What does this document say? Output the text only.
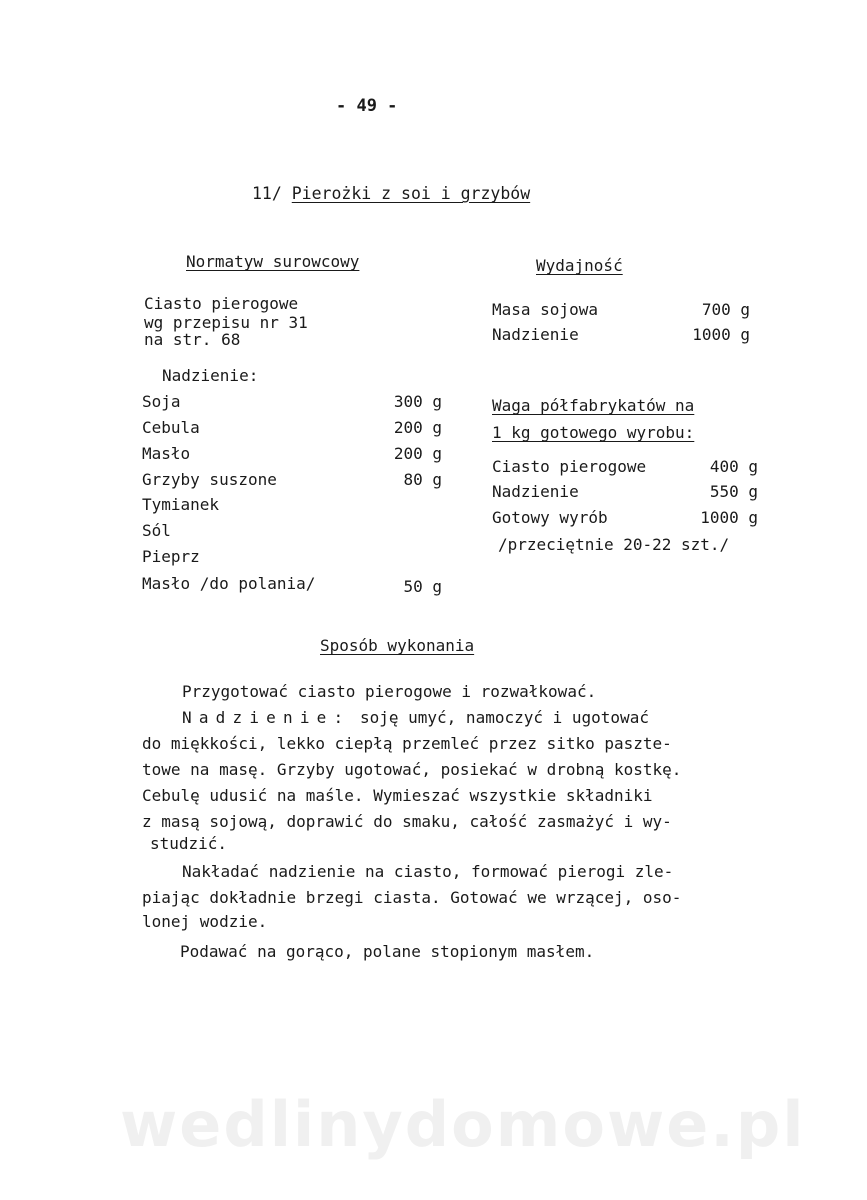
- 49 -
11/ Pierożki z soi i grzybów
Normatyw surowcowy
Ciasto pierogowe
wg przepisu nr 31
na str. 68
Nadzienie:
Soja	300 g
Cebula	200 g
Masło	200 g
Grzyby suszone	80 g
Tymianek
Sól
Pieprz
Masło /do polania/	50 g
Wydajność
Masa sojowa	700 g
Nadzienie	1000 g
Waga półfabrykatów na
1 kg gotowego wyrobu:
Ciasto pierogowe	400 g
Nadzienie	550 g
Gotowy wyrób	1000 g
/przeciętnie 20-22 szt./
Sposób wykonania
Przygotować ciasto pierogowe i rozwałkować.
Nadzienie: soję umyć, namoczyć i ugotować
do miękkości, lekko ciepłą przemleć przez sitko paszte-
towe na masę. Grzyby ugotować, posiekać w drobną kostkę.
Cebulę udusić na maśle. Wymieszać wszystkie składniki
z masą sojową, doprawić do smaku, całość zasmażyć i wy-
studzić.
Nakładać nadzienie na ciasto, formować pierogi zle-
piając dokładnie brzegi ciasta. Gotować we wrzącej, oso-
lonej wodzie.
Podawać na gorąco, polane stopionym masłem.
wedlinydomowe.pl
